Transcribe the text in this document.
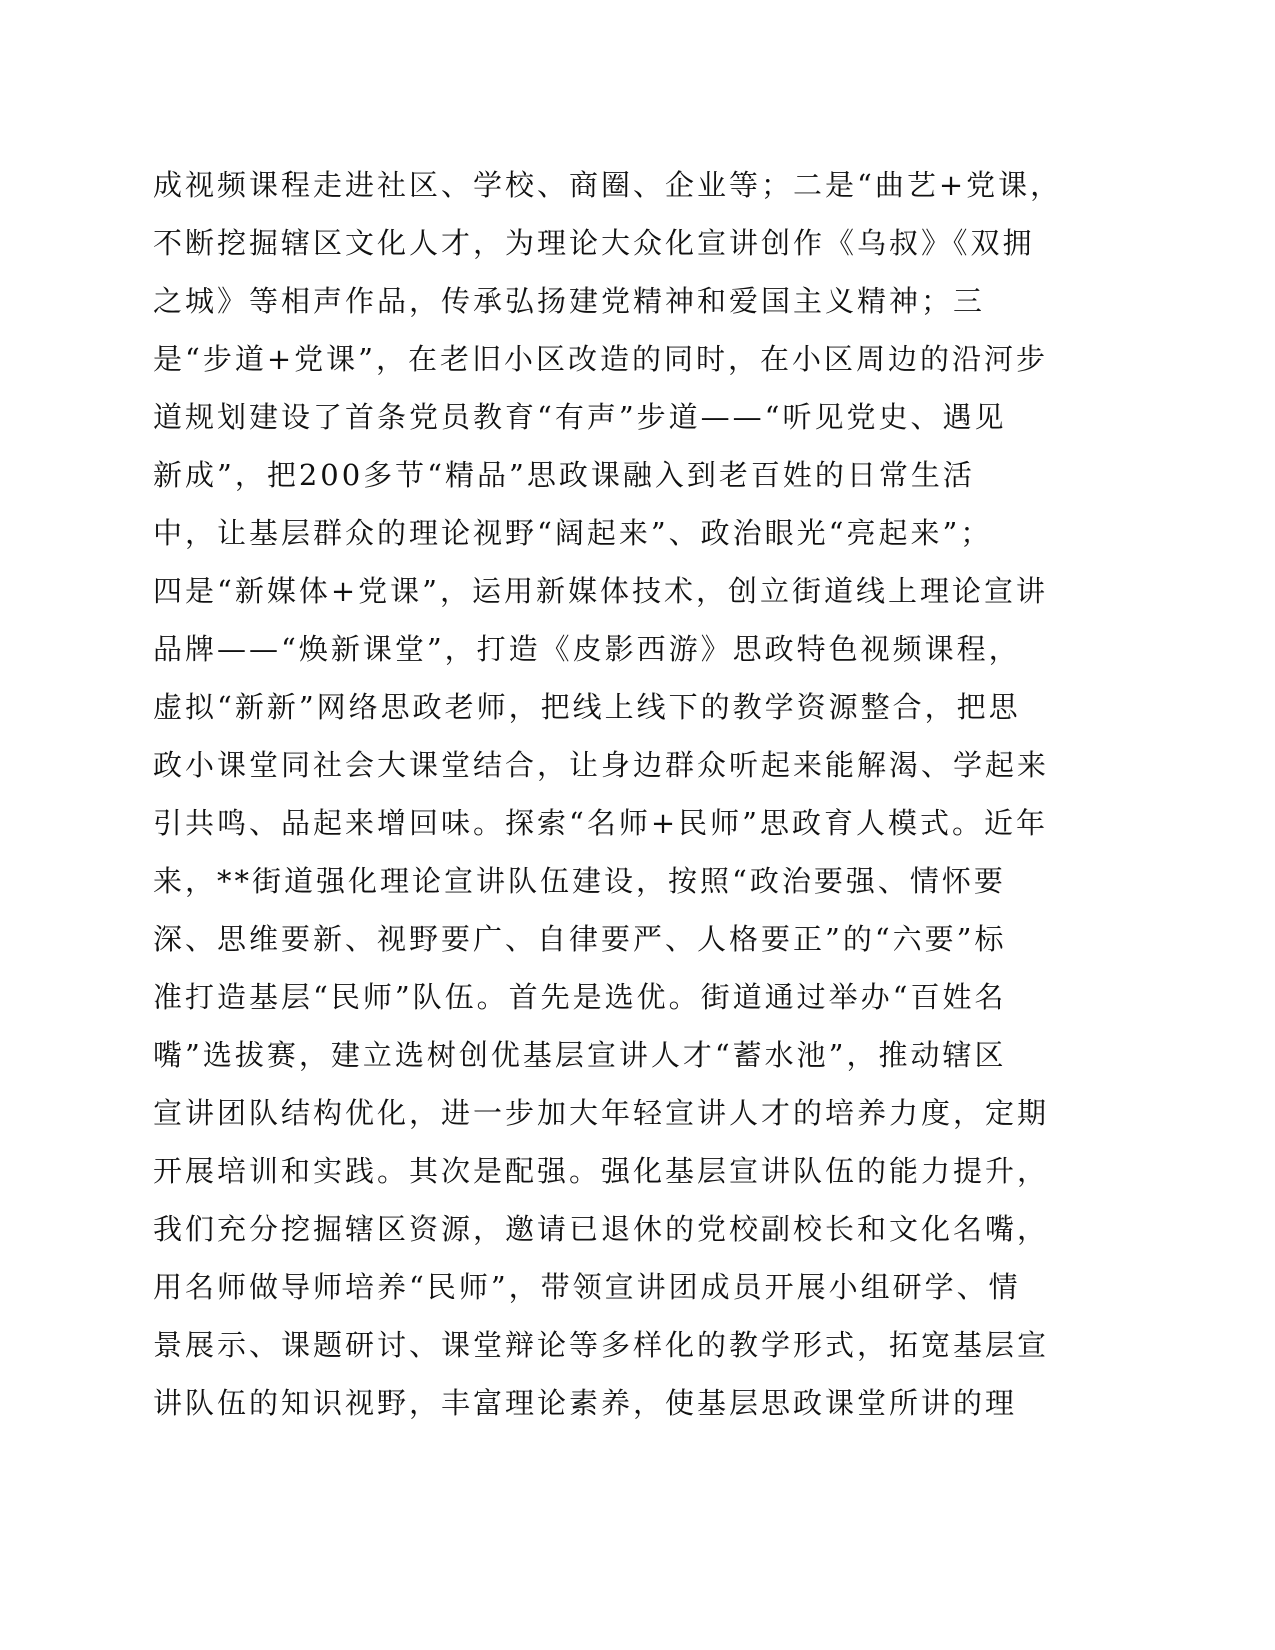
成视频课程走进社区、学校、商圈、企业等；二是“曲艺+党课，
不断挖掘辖区文化人才，为理论大众化宣讲创作《乌叔》《双拥
之城》等相声作品，传承弘扬建党精神和爱国主义精神；三
是“步道+党课”，在老旧小区改造的同时，在小区周边的沿河步
道规划建设了首条党员教育“有声”步道——“听见党史、遇见
新成”，把200多节“精品”思政课融入到老百姓的日常生活
中，让基层群众的理论视野“阔起来”、政治眼光“亮起来”；
四是“新媒体+党课”，运用新媒体技术，创立街道线上理论宣讲
品牌——“焕新课堂”，打造《皮影西游》思政特色视频课程，
虚拟“新新”网络思政老师，把线上线下的教学资源整合，把思
政小课堂同社会大课堂结合，让身边群众听起来能解渴、学起来
引共鸣、品起来增回味。探索“名师+民师”思政育人模式。近年
来，**街道强化理论宣讲队伍建设，按照“政治要强、情怀要
深、思维要新、视野要广、自律要严、人格要正”的“六要”标
准打造基层“民师”队伍。首先是选优。街道通过举办“百姓名
嘴”选拔赛，建立选树创优基层宣讲人才“蓄水池”，推动辖区
宣讲团队结构优化，进一步加大年轻宣讲人才的培养力度，定期
开展培训和实践。其次是配强。强化基层宣讲队伍的能力提升，
我们充分挖掘辖区资源，邀请已退休的党校副校长和文化名嘴，
用名师做导师培养“民师”，带领宣讲团成员开展小组研学、情
景展示、课题研讨、课堂辩论等多样化的教学形式，拓宽基层宣
讲队伍的知识视野，丰富理论素养，使基层思政课堂所讲的理
